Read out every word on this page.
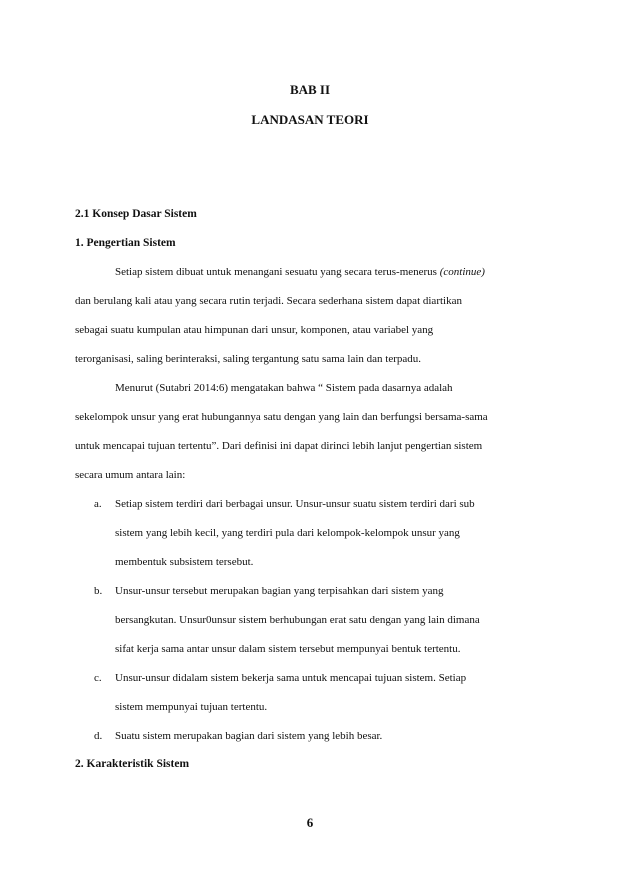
BAB II
LANDASAN TEORI
2.1 Konsep Dasar Sistem
1. Pengertian Sistem
Setiap sistem dibuat untuk menangani sesuatu yang secara terus-menerus (continue)
dan berulang kali atau yang secara rutin terjadi. Secara sederhana sistem dapat diartikan
sebagai suatu kumpulan atau himpunan dari unsur, komponen, atau variabel yang
terorganisasi, saling berinteraksi, saling tergantung satu sama lain dan terpadu.
Menurut (Sutabri 2014:6) mengatakan bahwa “ Sistem pada dasarnya adalah
sekelompok unsur yang erat hubungannya satu dengan yang lain dan berfungsi bersama-sama
untuk mencapai tujuan tertentu”. Dari definisi ini dapat dirinci lebih lanjut pengertian sistem
secara umum antara lain:
a. Setiap sistem terdiri dari berbagai unsur. Unsur-unsur suatu sistem terdiri dari sub
sistem yang lebih kecil, yang terdiri pula dari kelompok-kelompok unsur yang
membentuk subsistem tersebut.
b. Unsur-unsur tersebut merupakan bagian yang terpisahkan dari sistem yang
bersangkutan. Unsur0unsur sistem berhubungan erat satu dengan yang lain dimana
sifat kerja sama antar unsur dalam sistem tersebut mempunyai bentuk tertentu.
c. Unsur-unsur didalam sistem bekerja sama untuk mencapai tujuan sistem. Setiap
sistem mempunyai tujuan tertentu.
d. Suatu sistem merupakan bagian dari sistem yang lebih besar.
2. Karakteristik Sistem
6
